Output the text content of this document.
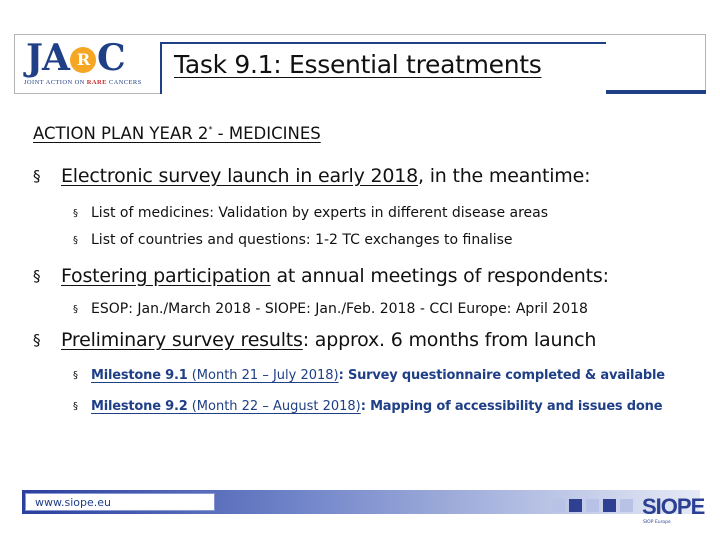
JA R C
JOINT ACTION ON RARE CANCERS
Task 9.1: Essential treatments
ACTION PLAN YEAR 2* - MEDICINES
§ Electronic survey launch in early 2018, in the meantime:
§ List of medicines: Validation by experts in different disease areas
§ List of countries and questions: 1-2 TC exchanges to finalise
§ Fostering participation at annual meetings of respondents:
§ ESOP: Jan./March 2018 - SIOPE: Jan./Feb. 2018 - CCI Europe: April 2018
§ Preliminary survey results: approx. 6 months from launch
§ Milestone 9.1 (Month 21 – July 2018): Survey questionnaire completed & available
§ Milestone 9.2 (Month 22 – August 2018): Mapping of accessibility and issues done
www.siope.eu	SIOPE
SIOP Europe
